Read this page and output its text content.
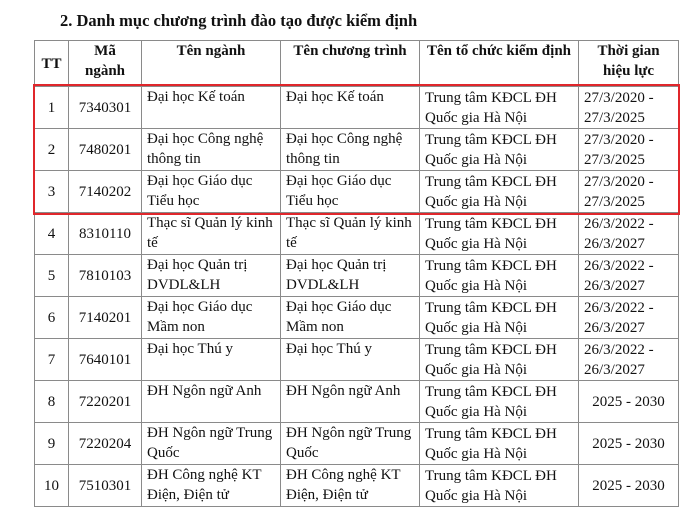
2. Danh mục chương trình đào tạo được kiểm định
TT	Mã ngành	Tên ngành	Tên chương trình	Tên tổ chức kiểm định	Thời gian hiệu lực
1	7340301	Đại học Kế toán	Đại học Kế toán	Trung tâm KĐCL ĐH Quốc gia Hà Nội	27/3/2020 - 27/3/2025
2	7480201	Đại học Công nghệ thông tin	Đại học Công nghệ thông tin	Trung tâm KĐCL ĐH Quốc gia Hà Nội	27/3/2020 - 27/3/2025
3	7140202	Đại học Giáo dục Tiểu học	Đại học Giáo dục Tiểu học	Trung tâm KĐCL ĐH Quốc gia Hà Nội	27/3/2020 - 27/3/2025
4	8310110	Thạc sĩ Quản lý kinh tế	Thạc sĩ Quản lý kinh tế	Trung tâm KĐCL ĐH Quốc gia Hà Nội	26/3/2022 - 26/3/2027
5	7810103	Đại học Quản trị DVDL&LH	Đại học Quản trị DVDL&LH	Trung tâm KĐCL ĐH Quốc gia Hà Nội	26/3/2022 - 26/3/2027
6	7140201	Đại học Giáo dục Mầm non	Đại học Giáo dục Mầm non	Trung tâm KĐCL ĐH Quốc gia Hà Nội	26/3/2022 - 26/3/2027
7	7640101	Đại học Thú y	Đại học Thú y	Trung tâm KĐCL ĐH Quốc gia Hà Nội	26/3/2022 - 26/3/2027
8	7220201	ĐH Ngôn ngữ Anh	ĐH Ngôn ngữ Anh	Trung tâm KĐCL ĐH Quốc gia Hà Nội	2025 - 2030
9	7220204	ĐH Ngôn ngữ Trung Quốc	ĐH Ngôn ngữ Trung Quốc	Trung tâm KĐCL ĐH Quốc gia Hà Nội	2025 - 2030
10	7510301	ĐH Công nghệ KT Điện, Điện tử	ĐH Công nghệ KT Điện, Điện tử	Trung tâm KĐCL ĐH Quốc gia Hà Nội	2025 - 2030
